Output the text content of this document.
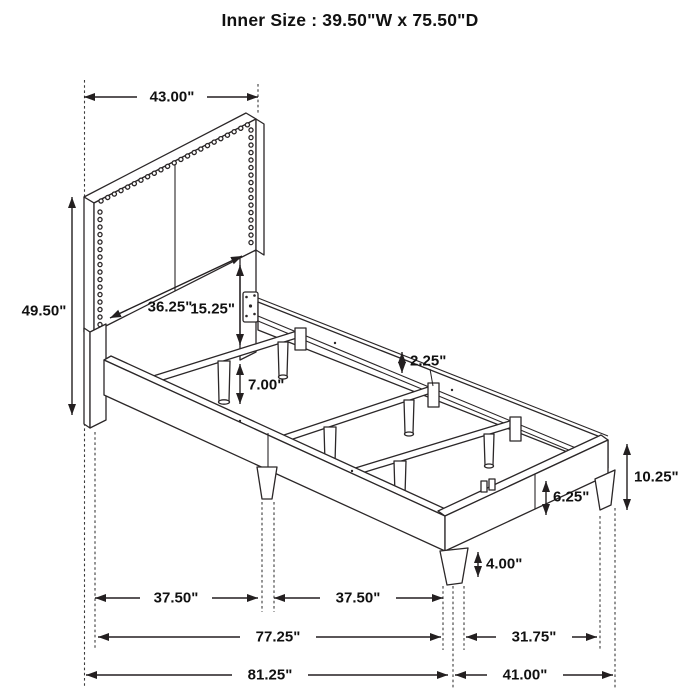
Inner Size : 39.50"W x 75.50"D
43.00"
49.50"	36.25"
15.25"
7.00"
2.25"
10.25"
6.25"
4.00"
37.50"	37.50"
77.25"	31.75"
81.25"	41.00"
